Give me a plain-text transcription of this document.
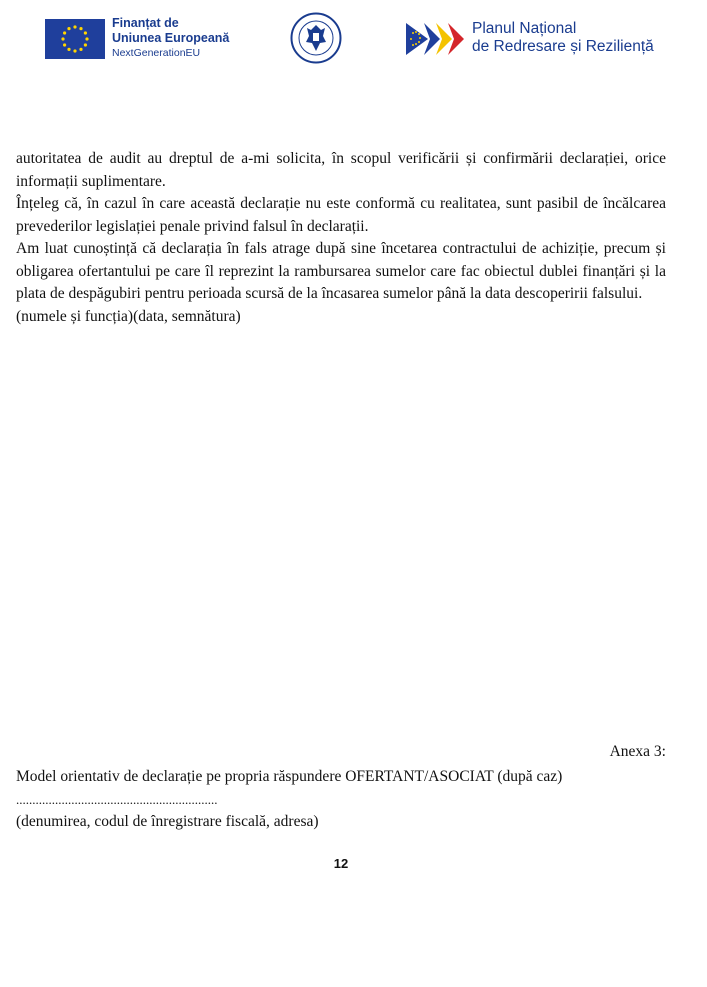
Finanțat de
Uniunea Europeană
NextGenerationEU
Planul Național
de Redresare și Reziliență

autoritatea de audit au dreptul de a-mi solicita, în scopul verificării și confirmării declarației, orice informații suplimentare.

Înțeleg că, în cazul în care această declarație nu este conformă cu realitatea, sunt pasibil de încălcarea prevederilor legislației penale privind falsul în declarații.

Am luat cunoștință că declarația în fals atrage după sine încetarea contractului de achiziție, precum și obligarea ofertantului pe care îl reprezint la rambursarea sumelor care fac obiectul dublei finanțări și la plata de despăgubiri pentru perioada scursă de la încasarea sumelor până la data descoperirii falsului.

(numele și funcția)(data, semnătura)

Anexa 3:
Model orientativ de declarație pe propria răspundere OFERTANT/ASOCIAT (după caz)
..............................................................
(denumirea, codul de înregistrare fiscală, adresa)
12
